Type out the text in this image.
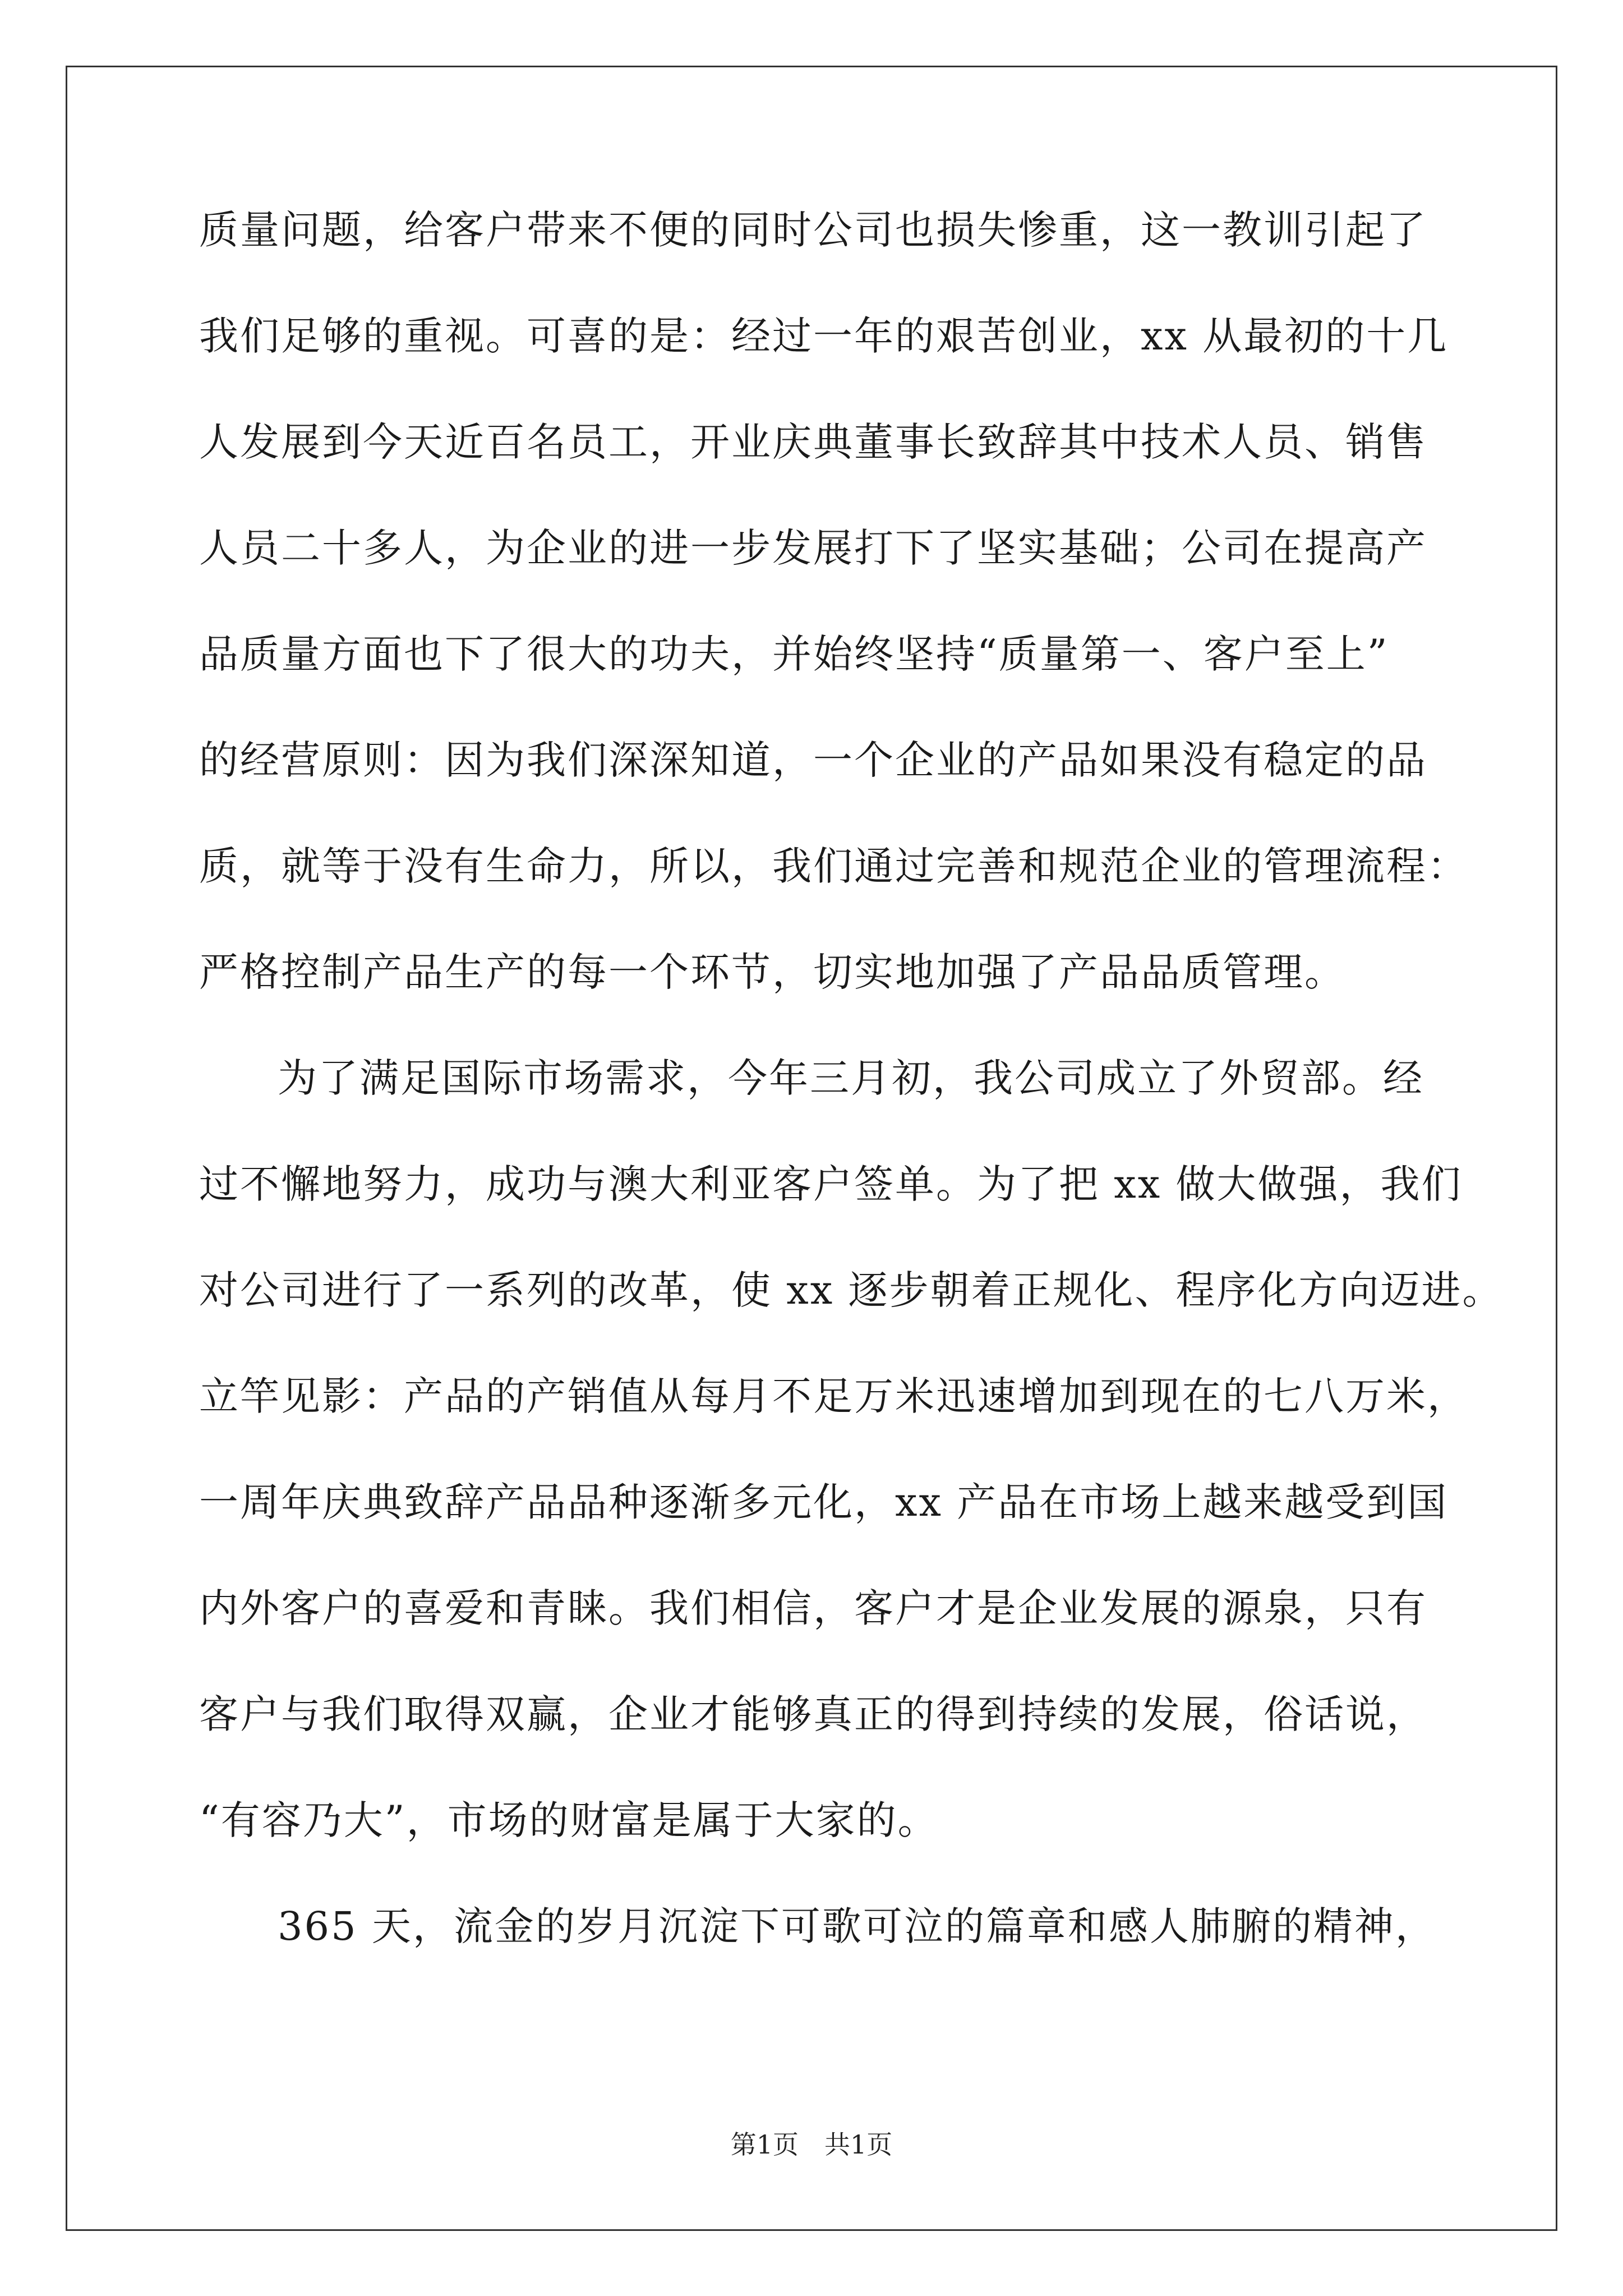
质量问题，给客户带来不便的同时公司也损失惨重，这一教训引起了
我们足够的重视。可喜的是：经过一年的艰苦创业，xx 从最初的十几
人发展到今天近百名员工，开业庆典董事长致辞其中技术人员、销售
人员二十多人，为企业的进一步发展打下了坚实基础；公司在提高产
品质量方面也下了很大的功夫，并始终坚持“质量第一、客户至上”
的经营原则：因为我们深深知道，一个企业的产品如果没有稳定的品
质，就等于没有生命力，所以，我们通过完善和规范企业的管理流程：
严格控制产品生产的每一个环节，切实地加强了产品品质管理。
为了满足国际市场需求，今年三月初，我公司成立了外贸部。经
过不懈地努力，成功与澳大利亚客户签单。为了把 xx 做大做强，我们
对公司进行了一系列的改革，使 xx 逐步朝着正规化、程序化方向迈进。
立竿见影：产品的产销值从每月不足万米迅速增加到现在的七八万米，
一周年庆典致辞产品品种逐渐多元化，xx 产品在市场上越来越受到国
内外客户的喜爱和青睐。我们相信，客户才是企业发展的源泉，只有
客户与我们取得双赢，企业才能够真正的得到持续的发展，俗话说，
“有容乃大”，市场的财富是属于大家的。
365 天，流金的岁月沉淀下可歌可泣的篇章和感人肺腑的精神，
第1页　共1页
